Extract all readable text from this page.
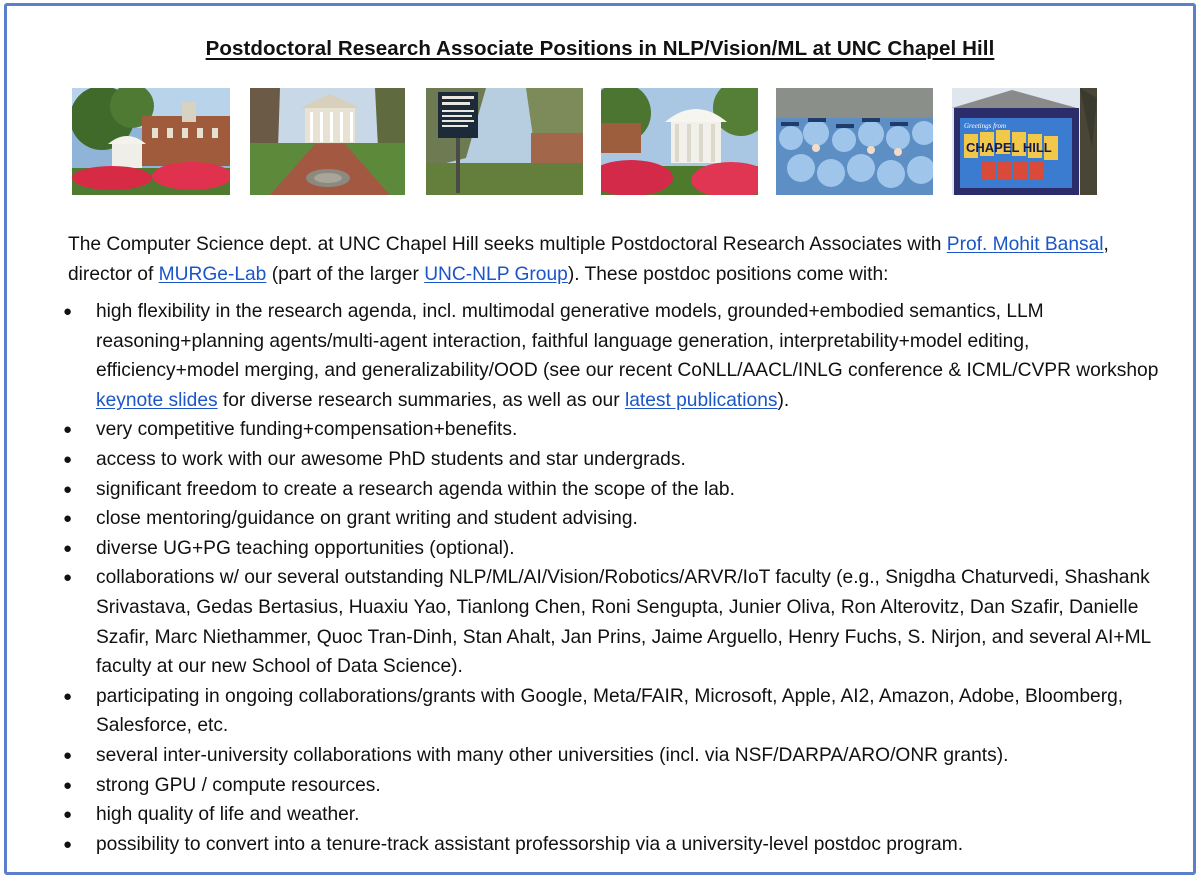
Postdoctoral Research Associate Positions in NLP/Vision/ML at UNC Chapel Hill
Greetings from
CHAPEL HILL
The Computer Science dept. at UNC Chapel Hill seeks multiple Postdoctoral Research Associates with Prof. Mohit Bansal, director of MURGe-Lab (part of the larger UNC-NLP Group). These postdoc positions come with:
● high flexibility in the research agenda, incl. multimodal generative models, grounded+embodied semantics, LLM reasoning+planning agents/multi-agent interaction, faithful language generation, interpretability+model editing, efficiency+model merging, and generalizability/OOD (see our recent CoNLL/AACL/INLG conference & ICML/CVPR workshop keynote slides for diverse research summaries, as well as our latest publications).
● very competitive funding+compensation+benefits.
● access to work with our awesome PhD students and star undergrads.
● significant freedom to create a research agenda within the scope of the lab.
● close mentoring/guidance on grant writing and student advising.
● diverse UG+PG teaching opportunities (optional).
● collaborations w/ our several outstanding NLP/ML/AI/Vision/Robotics/ARVR/IoT faculty (e.g., Snigdha Chaturvedi, Shashank Srivastava, Gedas Bertasius, Huaxiu Yao, Tianlong Chen, Roni Sengupta, Junier Oliva, Ron Alterovitz, Dan Szafir, Danielle Szafir, Marc Niethammer, Quoc Tran-Dinh, Stan Ahalt, Jan Prins, Jaime Arguello, Henry Fuchs, S. Nirjon, and several AI+ML faculty at our new School of Data Science).
● participating in ongoing collaborations/grants with Google, Meta/FAIR, Microsoft, Apple, AI2, Amazon, Adobe, Bloomberg, Salesforce, etc.
● several inter-university collaborations with many other universities (incl. via NSF/DARPA/ARO/ONR grants).
● strong GPU / compute resources.
● high quality of life and weather.
● possibility to convert into a tenure-track assistant professorship via a university-level postdoc program.
